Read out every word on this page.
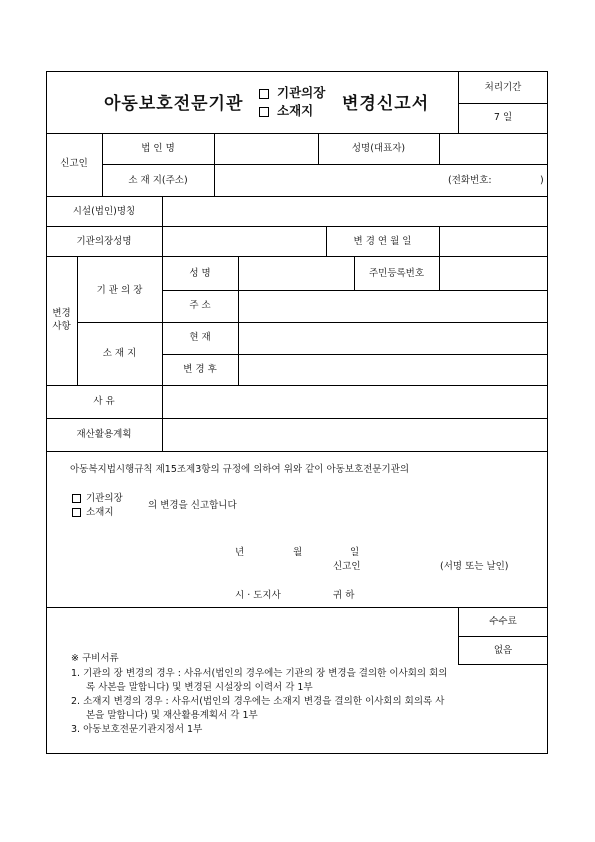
아동보호전문기관
기관의장
소재지 변경신고서
처리기간
7 일
신고인
법 인 명	성명(대표자)
소 재 지(주소)	(전화번호:	)
시설(법인)명칭
기관의장성명	변 경 연 월 일
변경
사항
기 관 의 장
성 명	주민등록번호
주 소
소 재 지
현 재
변 경 후
사 유
재산활용계획
아동복지법시행규칙 제15조제3항의 규정에 의하여 위와 같이 아동보호전문기관의
기관의장
소재지
의 변경을 신고합니다
년	월	일
신고인	(서명 또는 날인)
시 · 도지사	귀 하
수수료
없음
※ 구비서류
1. 기관의 장 변경의 경우 : 사유서(법인의 경우에는 기관의 장 변경을 결의한 이사회의 회의
록 사본을 말합니다) 및 변경된 시설장의 이력서 각 1부
2. 소재지 변경의 경우 : 사유서(법인의 경우에는 소재지 변경을 결의한 이사회의 회의록 사
본을 말합니다) 및 재산활용계획서 각 1부
3. 아동보호전문기관지정서 1부
